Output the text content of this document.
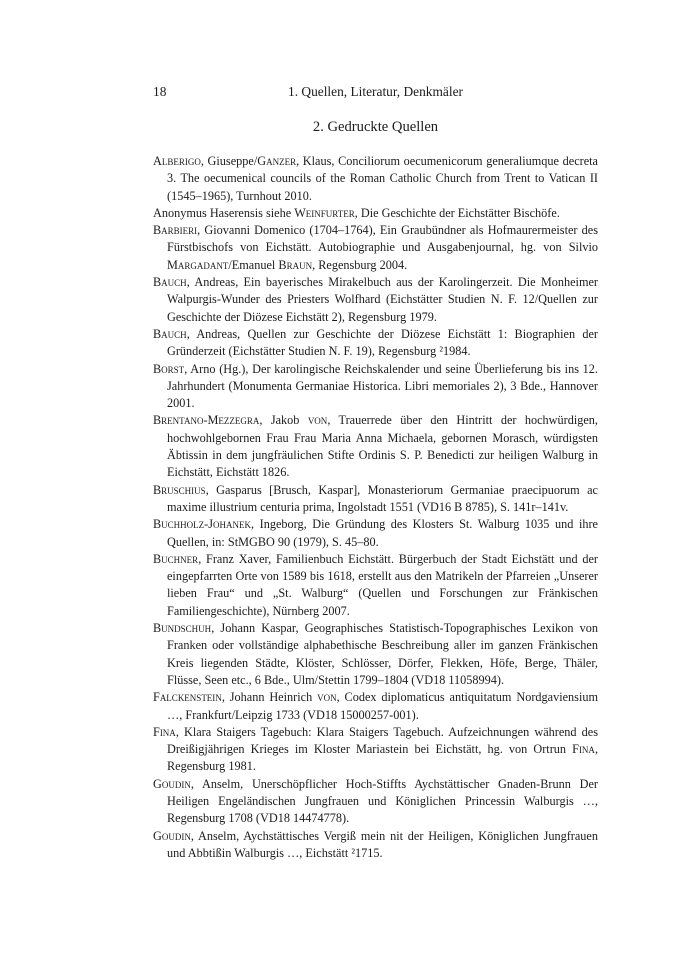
18	1. Quellen, Literatur, Denkmäler
2. Gedruckte Quellen
Alberigo, Giuseppe/Ganzer, Klaus, Conciliorum oecumenicorum generaliumque decreta 3. The oecumenical councils of the Roman Catholic Church from Trent to Vatican II (1545–1965), Turnhout 2010.
Anonymus Haserensis siehe Weinfurter, Die Geschichte der Eichstätter Bischöfe.
Barbieri, Giovanni Domenico (1704–1764), Ein Graubündner als Hofmaurermeister des Fürstbischofs von Eichstätt. Autobiographie und Ausgabenjournal, hg. von Silvio Margadant/Emanuel Braun, Regensburg 2004.
Bauch, Andreas, Ein bayerisches Mirakelbuch aus der Karolingerzeit. Die Monheimer Walpurgis-Wunder des Priesters Wolfhard (Eichstätter Studien N. F. 12/Quellen zur Geschichte der Diözese Eichstätt 2), Regensburg 1979.
Bauch, Andreas, Quellen zur Geschichte der Diözese Eichstätt 1: Biographien der Gründerzeit (Eichstätter Studien N. F. 19), Regensburg ²1984.
Borst, Arno (Hg.), Der karolingische Reichskalender und seine Überlieferung bis ins 12. Jahrhundert (Monumenta Germaniae Historica. Libri memoriales 2), 3 Bde., Hannover 2001.
Brentano-Mezzegra, Jakob von, Trauerrede über den Hintritt der hochwürdigen, hochwohlgebornen Frau Frau Maria Anna Michaela, gebornen Morasch, würdigsten Äbtissin in dem jungfräulichen Stifte Ordinis S. P. Benedicti zur heiligen Walburg in Eichstätt, Eichstätt 1826.
Bruschius, Gasparus [Brusch, Kaspar], Monasteriorum Germaniae praecipuorum ac maxime illustrium centuria prima, Ingolstadt 1551 (VD16 B 8785), S. 141r–141v.
Buchholz-Johanek, Ingeborg, Die Gründung des Klosters St. Walburg 1035 und ihre Quellen, in: StMGBO 90 (1979), S. 45–80.
Buchner, Franz Xaver, Familienbuch Eichstätt. Bürgerbuch der Stadt Eichstätt und der eingepfarrten Orte von 1589 bis 1618, erstellt aus den Matrikeln der Pfarreien „Unserer lieben Frau“ und „St. Walburg“ (Quellen und Forschungen zur Fränkischen Familiengeschichte), Nürnberg 2007.
Bundschuh, Johann Kaspar, Geographisches Statistisch-Topographisches Lexikon von Franken oder vollständige alphabethische Beschreibung aller im ganzen Fränkischen Kreis liegenden Städte, Klöster, Schlösser, Dörfer, Flekken, Höfe, Berge, Thäler, Flüsse, Seen etc., 6 Bde., Ulm/Stettin 1799–1804 (VD18 11058994).
Falckenstein, Johann Heinrich von, Codex diplomaticus antiquitatum Nordgaviensium …, Frankfurt/Leipzig 1733 (VD18 15000257-001).
Fina, Klara Staigers Tagebuch: Klara Staigers Tagebuch. Aufzeichnungen während des Dreißigjährigen Krieges im Kloster Mariastein bei Eichstätt, hg. von Ortrun Fina, Regensburg 1981.
Goudin, Anselm, Unerschöpflicher Hoch-Stiffts Aychstättischer Gnaden-Brunn Der Heiligen Engeländischen Jungfrauen und Königlichen Princessin Walburgis …, Regensburg 1708 (VD18 14474778).
Goudin, Anselm, Aychstättisches Vergiß mein nit der Heiligen, Königlichen Jungfrauen und Abbtißin Walburgis …, Eichstätt ²1715.
